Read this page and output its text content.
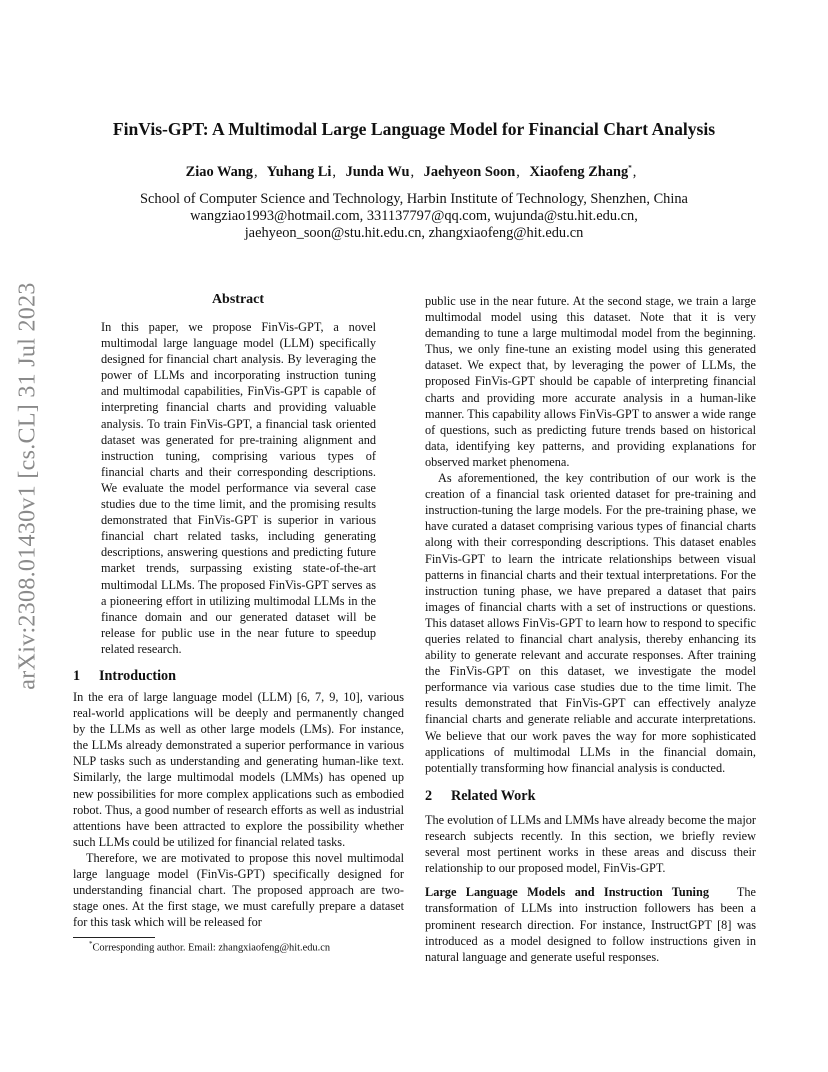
FinVis-GPT: A Multimodal Large Language Model for Financial Chart Analysis
Ziao Wang, Yuhang Li, Junda Wu, Jaehyeon Soon, Xiaofeng Zhang*,
School of Computer Science and Technology, Harbin Institute of Technology, Shenzhen, China
wangziao1993@hotmail.com, 331137797@qq.com, wujunda@stu.hit.edu.cn,
jaehyeon_soon@stu.hit.edu.cn, zhangxiaofeng@hit.edu.cn
arXiv:2308.01430v1 [cs.CL] 31 Jul 2023	Abstract
In this paper, we propose FinVis-GPT, a novel multimodal large language model (LLM) specifically designed for financial chart analysis. By leveraging the power of LLMs and incorporating instruction tuning and multimodal capabilities, FinVis-GPT is capable of interpreting financial charts and providing valuable analysis. To train FinVis-GPT, a financial task oriented dataset was generated for pre-training alignment and instruction tuning, comprising various types of financial charts and their corresponding descriptions. We evaluate the model performance via several case studies due to the time limit, and the promising results demonstrated that FinVis-GPT is superior in various financial chart related tasks, including generating descriptions, answering questions and predicting future market trends, surpassing existing state-of-the-art multimodal LLMs. The proposed FinVis-GPT serves as a pioneering effort in utilizing multimodal LLMs in the finance domain and our generated dataset will be release for public use in the near future to speedup related research.
1 Introduction

In the era of large language model (LLM) [6, 7, 9, 10], various real-world applications will be deeply and permanently changed by the LLMs as well as other large models (LMs). For instance, the LLMs already demonstrated a superior performance in various NLP tasks such as understanding and generating human-like text. Similarly, the large multimodal models (LMMs) has opened up new possibilities for more complex applications such as embodied robot. Thus, a good number of research efforts as well as industrial attentions have been attracted to explore the possibility whether such LLMs could be utilized for financial related tasks.

Therefore, we are motivated to propose this novel multimodal large language model (FinVis-GPT) specifically designed for understanding financial chart. The proposed approach are two-stage ones. At the first stage, we must carefully prepare a dataset for this task which will be released for

public use in the near future. At the second stage, we train a large multimodal model using this dataset. Note that it is very demanding to tune a large multimodal model from the beginning. Thus, we only fine-tune an existing model using this generated dataset. We expect that, by leveraging the power of LLMs, the proposed FinVis-GPT should be capable of interpreting financial charts and providing more accurate analysis in a human-like manner. This capability allows FinVis-GPT to answer a wide range of questions, such as predicting future trends based on historical data, identifying key patterns, and providing explanations for observed market phenomena.

As aforementioned, the key contribution of our work is the creation of a financial task oriented dataset for pre-training and instruction-tuning the large models. For the pre-training phase, we have curated a dataset comprising various types of financial charts along with their corresponding descriptions. This dataset enables FinVis-GPT to learn the intricate relationships between visual patterns in financial charts and their textual interpretations. For the instruction tuning phase, we have prepared a dataset that pairs images of financial charts with a set of instructions or questions. This dataset allows FinVis-GPT to learn how to respond to specific queries related to financial chart analysis, thereby enhancing its ability to generate relevant and accurate responses. After training the FinVis-GPT on this dataset, we investigate the model performance via various case studies due to the time limit. The results demonstrated that FinVis-GPT can effectively analyze financial charts and generate reliable and accurate interpretations. We believe that our work paves the way for more sophisticated applications of multimodal LLMs in the financial domain, potentially transforming how financial analysis is conducted.

2 Related Work

The evolution of LLMs and LMMs have already become the major research subjects recently. In this section, we briefly review several most pertinent works in these areas and discuss their relationship to our proposed model, FinVis-GPT.

Large Language Models and Instruction Tuning The transformation of LLMs into instruction followers has been a prominent research direction. For instance, InstructGPT [8] was introduced as a model designed to follow instructions given in natural language and generate useful responses.

*Corresponding author. Email: zhangxiaofeng@hit.edu.cn
